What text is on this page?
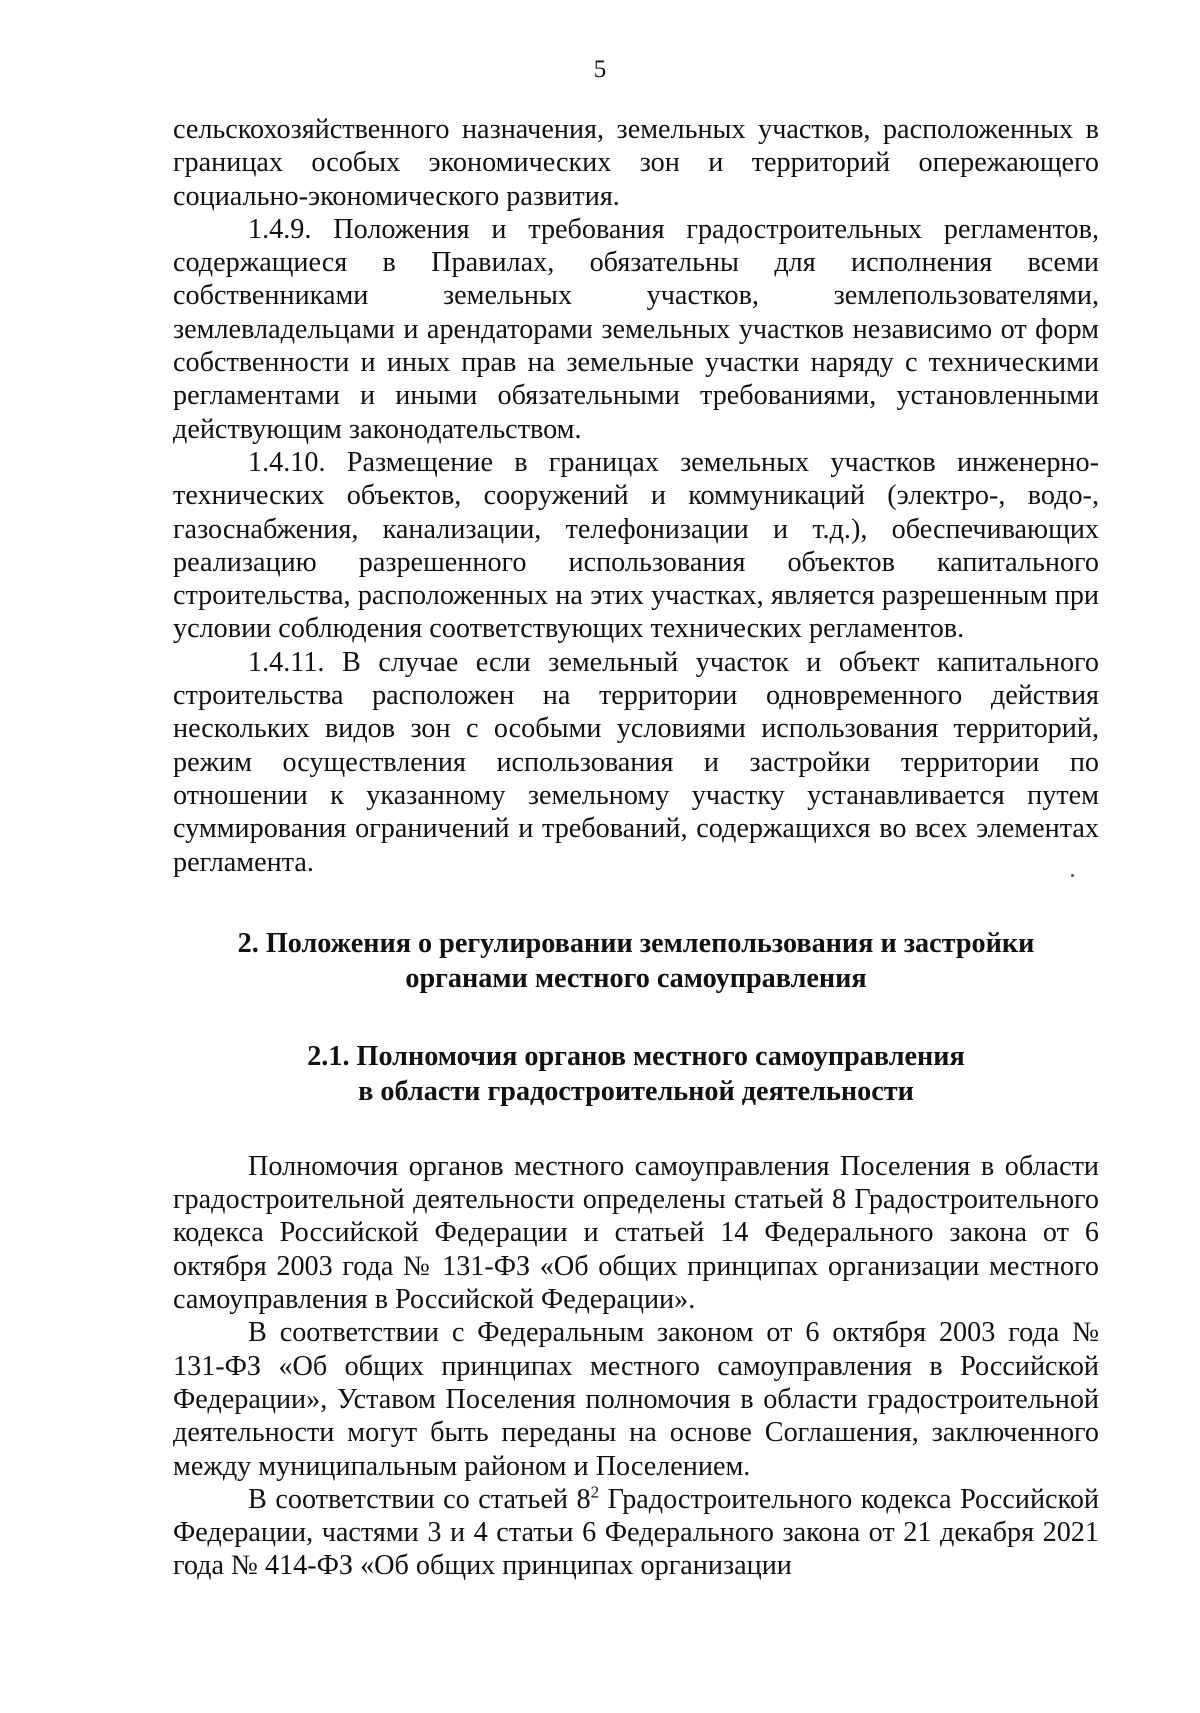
5

сельскохозяйственного назначения, земельных участков, расположенных в границах особых экономических зон и территорий опережающего социально-экономического развития.

1.4.9. Положения и требования градостроительных регламентов, содержащиеся в Правилах, обязательны для исполнения всеми собственниками земельных участков, землепользователями, землевладельцами и арендаторами земельных участков независимо от форм собственности и иных прав на земельные участки наряду с техническими регламентами и иными обязательными требованиями, установленными действующим законодательством.

1.4.10. Размещение в границах земельных участков инженерно-технических объектов, сооружений и коммуникаций (электро-, водо-, газоснабжения, канализации, телефонизации и т.д.), обеспечивающих реализацию разрешенного использования объектов капитального строительства, расположенных на этих участках, является разрешенным при условии соблюдения соответствующих технических регламентов.

1.4.11. В случае если земельный участок и объект капитального строительства расположен на территории одновременного действия нескольких видов зон с особыми условиями использования территорий, режим осуществления использования и застройки территории по отношении к указанному земельному участку устанавливается путем суммирования ограничений и требований, содержащихся во всех элементах регламента.

2. Положения о регулировании землепользования и застройки
органами местного самоуправления
2.1. Полномочия органов местного самоуправления
в области градостроительной деятельности

Полномочия органов местного самоуправления Поселения в области градостроительной деятельности определены статьей 8 Градостроительного кодекса Российской Федерации и статьей 14 Федерального закона от 6 октября 2003 года № 131-ФЗ «Об общих принципах организации местного самоуправления в Российской Федерации».

В соответствии с Федеральным законом от 6 октября 2003 года № 131-ФЗ «Об общих принципах местного самоуправления в Российской Федерации», Уставом Поселения полномочия в области градостроительной деятельности могут быть переданы на основе Соглашения, заключенного между муниципальным районом и Поселением.

В соответствии со статьей $8^2$ Градостроительного кодекса Российской Федерации, частями 3 и 4 статьи 6 Федерального закона от 21 декабря 2021 года № 414-ФЗ «Об общих принципах организации
